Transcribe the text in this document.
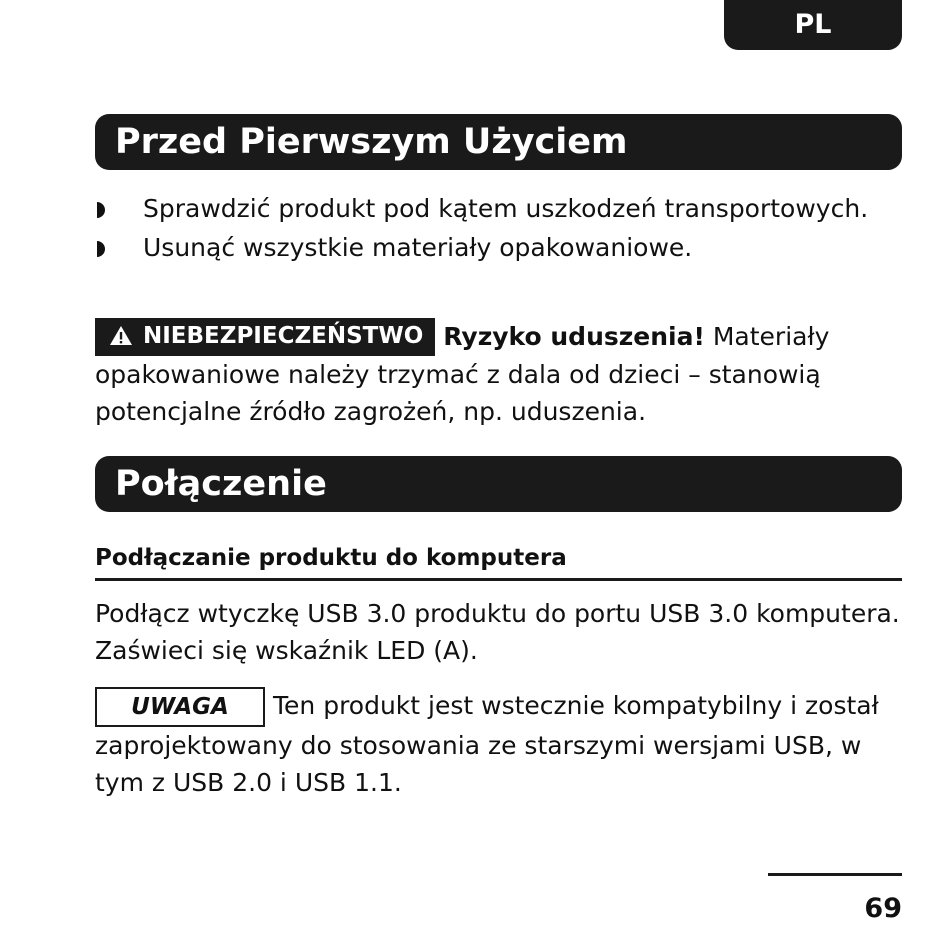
PL
Przed Pierwszym Użyciem
Sprawdzić produkt pod kątem uszkodzeń transportowych.
Usunąć wszystkie materiały opakowaniowe.

NIEBEZPIECZEŃSTWO Ryzyko uduszenia! Materiały opakowaniowe należy trzymać z dala od dzieci – stanowią potencjalne źródło zagrożeń, np. uduszenia.

Połączenie
Podłączanie produktu do komputera

Podłącz wtyczkę USB 3.0 produktu do portu USB 3.0 komputera. Zaświeci się wskaźnik LED (A).

UWAGA Ten produkt jest wstecznie kompatybilny i został zaprojektowany do stosowania ze starszymi wersjami USB, w tym z USB 2.0 i USB 1.1.

69
